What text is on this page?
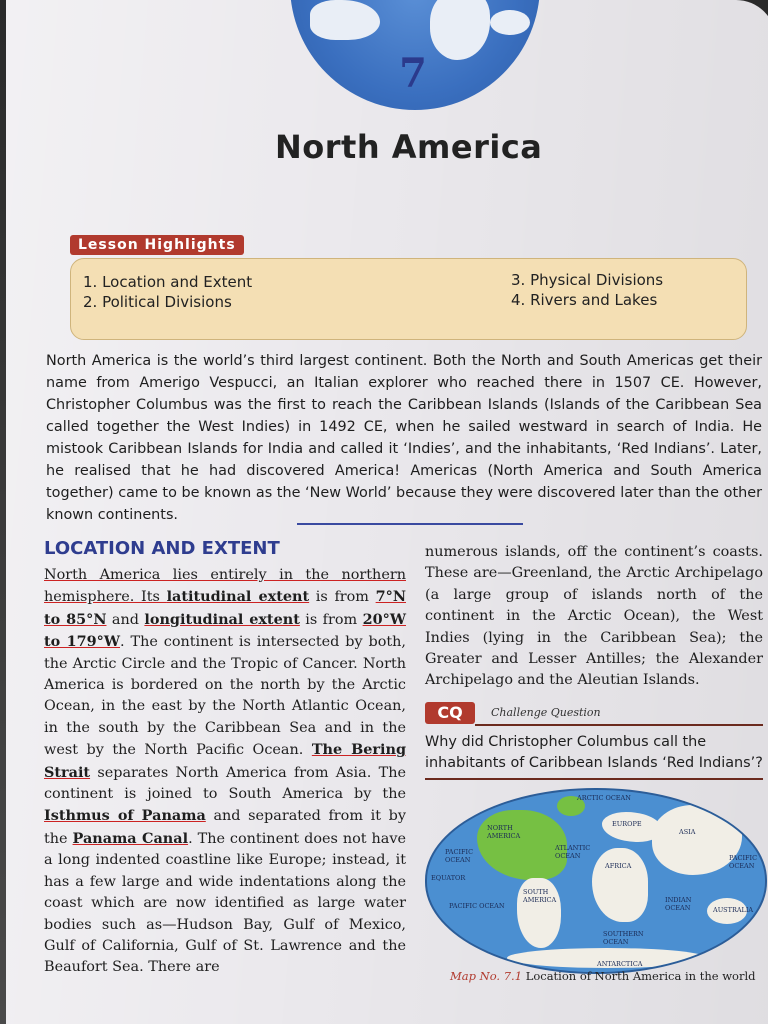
7
North America
Lesson Highlights
1. Location and Extent
2. Political Divisions
3. Physical Divisions
4. Rivers and Lakes
North America is the world’s third largest continent. Both the North and South Americas get their name from Amerigo Vespucci, an Italian explorer who reached there in 1507 CE. However, Christopher Columbus was the first to reach the Caribbean Islands (Islands of the Caribbean Sea called together the West Indies) in 1492 CE, when he sailed westward in search of India. He mistook Caribbean Islands for India and called it ‘Indies’, and the inhabitants, ‘Red Indians’. Later, he realised that he had discovered America! Americas (North America and South America together) came to be known as the ‘New World’ because they were discovered later than the other known continents.
LOCATION AND EXTENT
North America lies entirely in the northern hemisphere. Its latitudinal extent is from 7°N to 85°N and longitudinal extent is from 20°W to 179°W. The continent is intersected by both, the Arctic Circle and the Tropic of Cancer. North America is bordered on the north by the Arctic Ocean, in the east by the North Atlantic Ocean, in the south by the Caribbean Sea and in the west by the North Pacific Ocean. The Bering Strait separates North America from Asia. The continent is joined to South America by the Isthmus of Panama and separated from it by the Panama Canal. The continent does not have a long indented coastline like Europe; instead, it has a few large and wide indentations along the coast which are now identified as large water bodies such as—Hudson Bay, Gulf of Mexico, Gulf of California, Gulf of St. Lawrence and the Beaufort Sea. There are
numerous islands, off the continent’s coasts. These are—Greenland, the Arctic Archipelago (a large group of islands north of the continent in the Arctic Ocean), the West Indies (lying in the Caribbean Sea); the Greater and Lesser Antilles; the Alexander Archipelago and the Aleutian Islands.
CQ	Challenge Question
Why did Christopher Columbus call the inhabitants of Caribbean Islands ‘Red Indians’?
ARCTIC OCEAN
NORTH AMERICA
EUROPE
ASIA
ATLANTIC OCEAN
PACIFIC OCEAN	PACIFIC OCEAN
AFRICA
EQUATOR
SOUTH AMERICA
PACIFIC OCEAN
INDIAN OCEAN	AUSTRALIA
SOUTHERN OCEAN
ANTARCTICA
Map No. 7.1 Location of North America in the world
